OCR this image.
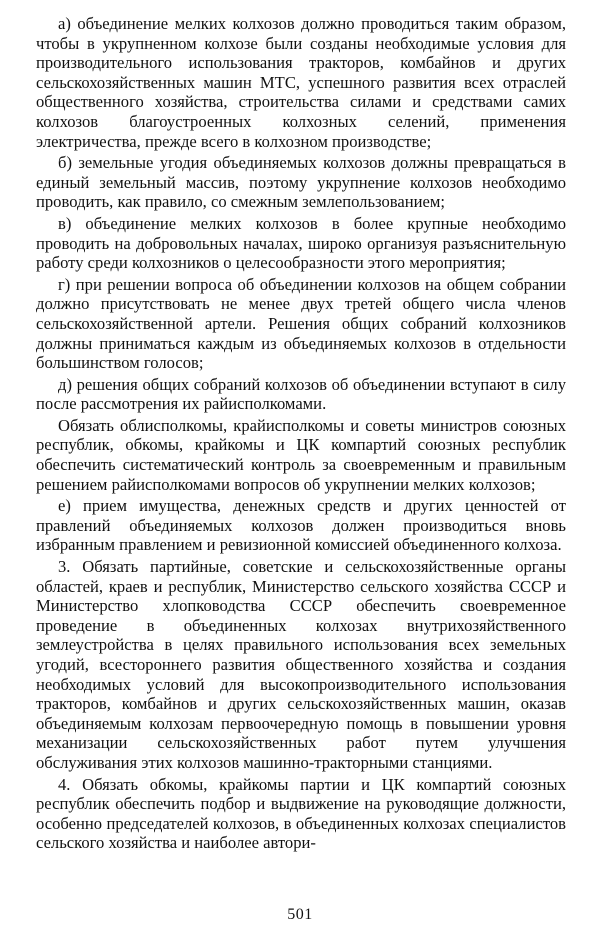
а) объединение мелких колхозов должно проводиться таким образом, чтобы в укрупненном колхозе были созданы необходимые условия для производительного использования тракторов, комбайнов и других сельскохозяйственных машин МТС, успешного развития всех отраслей общественного хозяйства, строительства силами и средствами самих колхозов благоустроенных колхозных селений, применения электричества, прежде всего в колхозном производстве;

б) земельные угодия объединяемых колхозов должны превращаться в единый земельный массив, поэтому укрупнение колхозов необходимо проводить, как правило, со смежным землепользованием;

в) объединение мелких колхозов в более крупные необходимо проводить на добровольных началах, широко организуя разъяснительную работу среди колхозников о целесообразности этого мероприятия;

г) при решении вопроса об объединении колхозов на общем собрании должно присутствовать не менее двух третей общего числа членов сельскохозяйственной артели. Решения общих собраний колхозников должны приниматься каждым из объединяемых колхозов в отдельности большинством голосов;

д) решения общих собраний колхозов об объединении вступают в силу после рассмотрения их райисполкомами.

Обязать облисполкомы, крайисполкомы и советы министров союзных республик, обкомы, крайкомы и ЦК компартий союзных республик обеспечить систематический контроль за своевременным и правильным решением райисполкомами вопросов об укрупнении мелких колхозов;

е) прием имущества, денежных средств и других ценностей от правлений объединяемых колхозов должен производиться вновь избранным правлением и ревизионной комиссией объединенного колхоза.

3. Обязать партийные, советские и сельскохозяйственные органы областей, краев и республик, Министерство сельского хозяйства СССР и Министерство хлопководства СССР обеспечить своевременное проведение в объединенных колхозах внутрихозяйственного землеустройства в целях правильного использования всех земельных угодий, всестороннего развития общественного хозяйства и создания необходимых условий для высокопроизводительного использования тракторов, комбайнов и других сельскохозяйственных машин, оказав объединяемым колхозам первоочередную помощь в повышении уровня механизации сельскохозяйственных работ путем улучшения обслуживания этих колхозов машинно-тракторными станциями.

4. Обязать обкомы, крайкомы партии и ЦК компартий союзных республик обеспечить подбор и выдвижение на руководящие должности, особенно председателей колхозов, в объединенных колхозах специалистов сельского хозяйства и наиболее автори-

501
